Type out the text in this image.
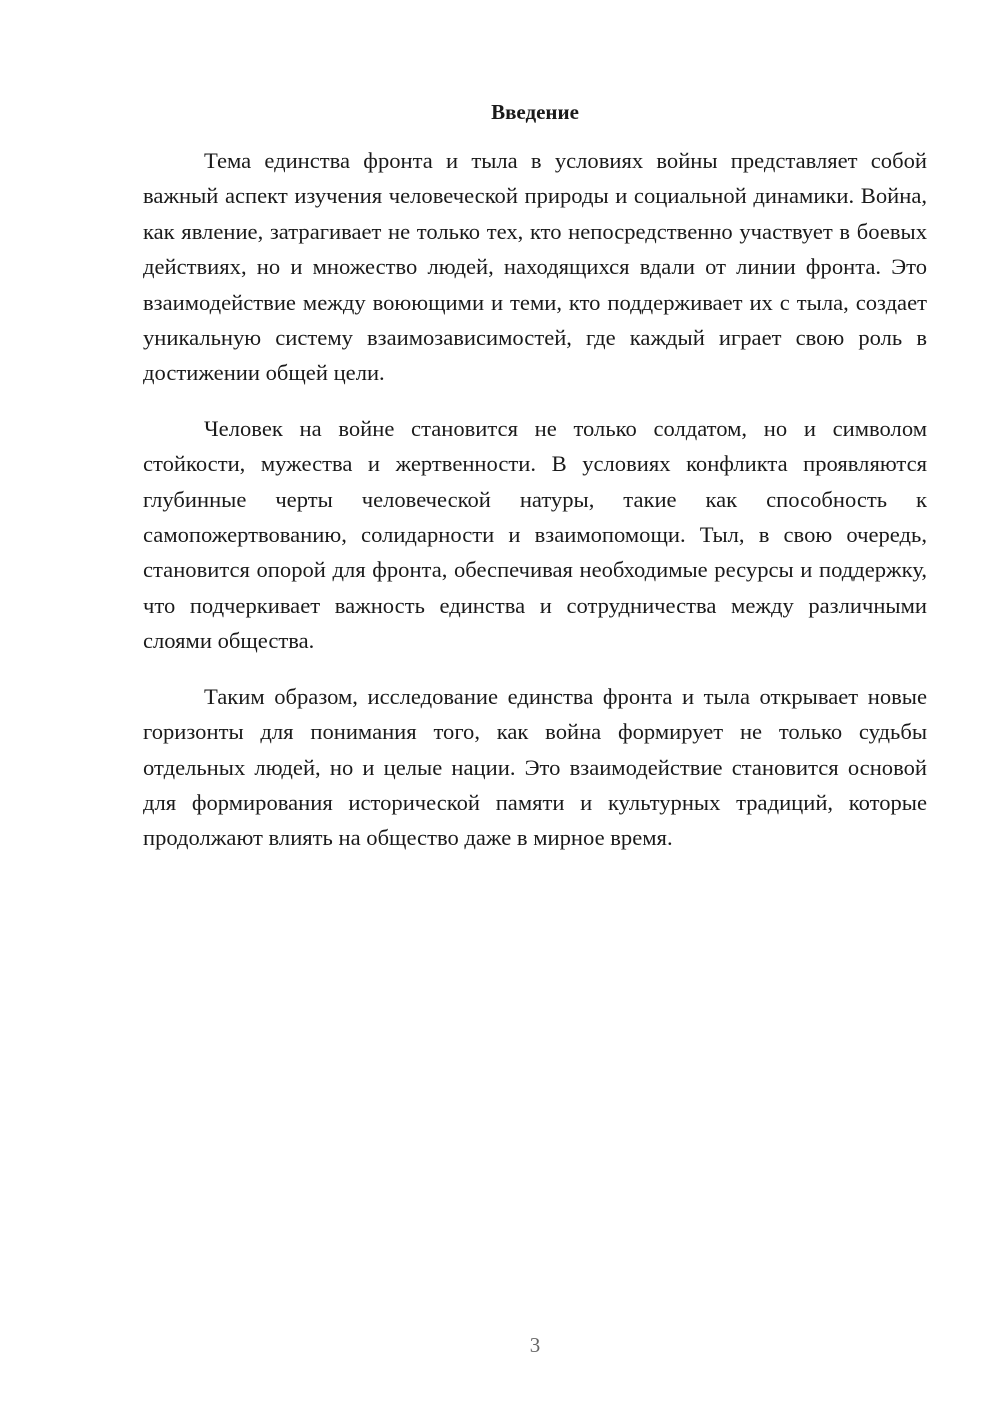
Введение

Тема единства фронта и тыла в условиях войны представляет собой важный аспект изучения человеческой природы и социальной динамики. Война, как явление, затрагивает не только тех, кто непосредственно участвует в боевых действиях, но и множество людей, находящихся вдали от линии фронта. Это взаимодействие между воюющими и теми, кто поддерживает их с тыла, создает уникальную систему взаимозависимостей, где каждый играет свою роль в достижении общей цели.

Человек на войне становится не только солдатом, но и символом стойкости, мужества и жертвенности. В условиях конфликта проявляются глубинные черты человеческой натуры, такие как способность к самопожертвованию, солидарности и взаимопомощи. Тыл, в свою очередь, становится опорой для фронта, обеспечивая необходимые ресурсы и поддержку, что подчеркивает важность единства и сотрудничества между различными слоями общества.

Таким образом, исследование единства фронта и тыла открывает новые горизонты для понимания того, как война формирует не только судьбы отдельных людей, но и целые нации. Это взаимодействие становится основой для формирования исторической памяти и культурных традиций, которые продолжают влиять на общество даже в мирное время.

3
